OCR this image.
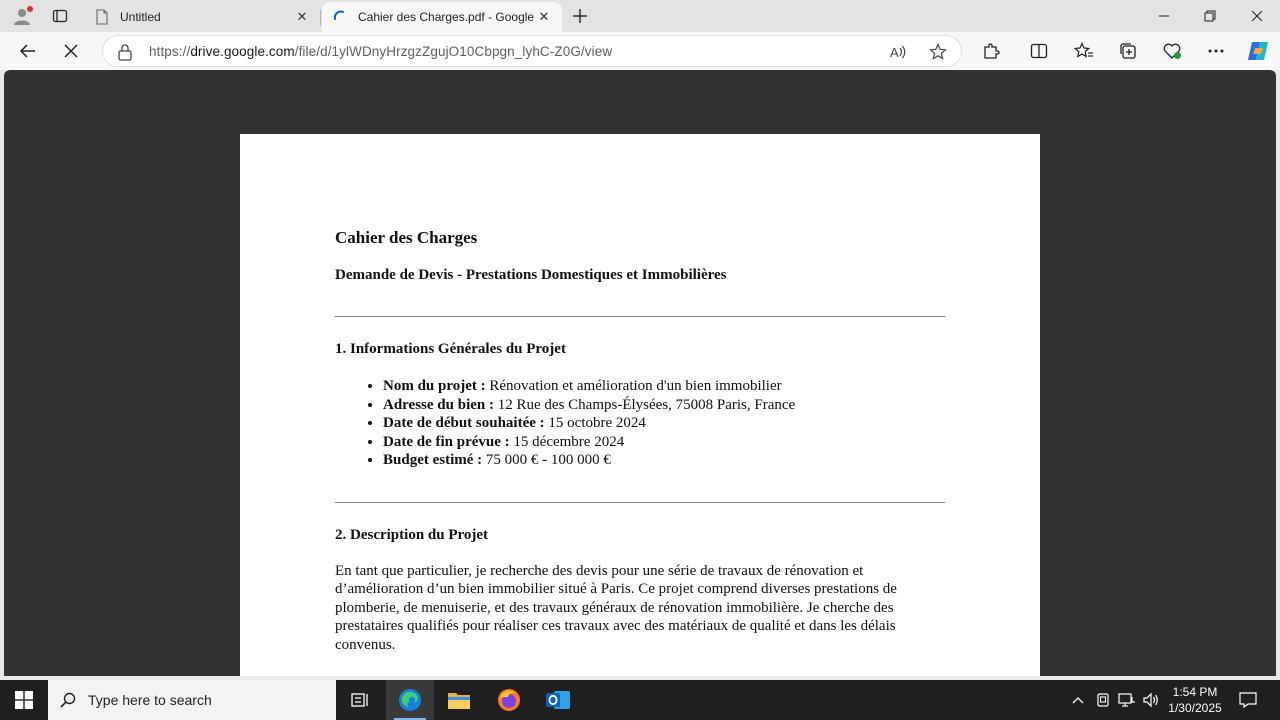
Untitled	✕	Cahier des Charges.pdf - Google ✕
https://drive.google.com/file/d/1ylWDnyHrzgzZgujO10Cbpgn_lyhC-Z0G/view	A
Cahier des Charges
Demande de Devis - Prestations Domestiques et Immobilières
1. Informations Générales du Projet
• Nom du projet : Rénovation et amélioration d'un bien immobilier
• Adresse du bien : 12 Rue des Champs-Élysées, 75008 Paris, France
• Date de début souhaitée : 15 octobre 2024
• Date de fin prévue : 15 décembre 2024
• Budget estimé : 75 000 € - 100 000 €
2. Description du Projet
En tant que particulier, je recherche des devis pour une série de travaux de rénovation et d’amélioration d’un bien immobilier situé à Paris. Ce projet comprend diverses prestations de plomberie, de menuiserie, et des travaux généraux de rénovation immobilière. Je cherche des prestataires qualifiés pour réaliser ces travaux avec des matériaux de qualité et dans les délais convenus.
Type here to search	1:54 PM
1/30/2025
